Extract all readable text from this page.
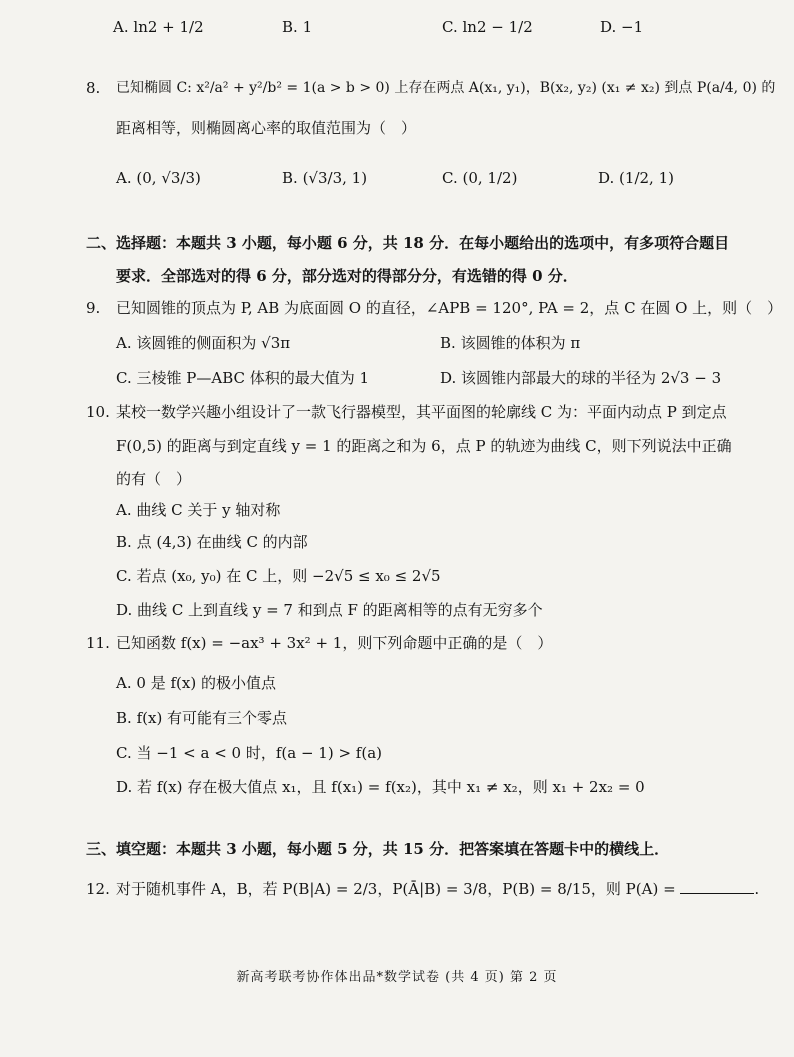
A. ln2 + 1/2	B. 1	C. ln2 − 1/2	D. −1
8. 已知椭圆 C: x²/a² + y²/b² = 1(a > b > 0) 上存在两点 A(x₁, y₁)，B(x₂, y₂) (x₁ ≠ x₂) 到点 P(a/4, 0) 的
距离相等，则椭圆离心率的取值范围为（　）
A. (0, √3/3)	B. (√3/3, 1)	C. (0, 1/2)	D. (1/2, 1)
二、选择题：本题共 3 小题，每小题 6 分，共 18 分．在每小题给出的选项中，有多项符合题目
要求．全部选对的得 6 分，部分选对的得部分分，有选错的得 0 分．
9. 已知圆锥的顶点为 P, AB 为底面圆 O 的直径，∠APB = 120°, PA = 2，点 C 在圆 O 上，则（　）
A. 该圆锥的侧面积为 √3π	B. 该圆锥的体积为 π
C. 三棱锥 P—ABC 体积的最大值为 1	D. 该圆锥内部最大的球的半径为 2√3 − 3
10. 某校一数学兴趣小组设计了一款飞行器模型，其平面图的轮廓线 C 为：平面内动点 P 到定点
F(0,5) 的距离与到定直线 y = 1 的距离之和为 6，点 P 的轨迹为曲线 C，则下列说法中正确
的有（　）
A. 曲线 C 关于 y 轴对称
B. 点 (4,3) 在曲线 C 的内部
C. 若点 (x₀, y₀) 在 C 上，则 −2√5 ≤ x₀ ≤ 2√5
D. 曲线 C 上到直线 y = 7 和到点 F 的距离相等的点有无穷多个
11. 已知函数 f(x) = −ax³ + 3x² + 1，则下列命题中正确的是（　）
A. 0 是 f(x) 的极小值点
B. f(x) 有可能有三个零点
C. 当 −1 < a < 0 时，f(a − 1) > f(a)
D. 若 f(x) 存在极大值点 x₁，且 f(x₁) = f(x₂)，其中 x₁ ≠ x₂，则 x₁ + 2x₂ = 0
三、填空题：本题共 3 小题，每小题 5 分，共 15 分．把答案填在答题卡中的横线上．
12. 对于随机事件 A，B，若 P(B|A) = 2/3，P(Ā|B) = 3/8，P(B) = 8/15，则 P(A) =	.
新高考联考协作体出品*数学试卷 (共 4 页) 第 2 页
